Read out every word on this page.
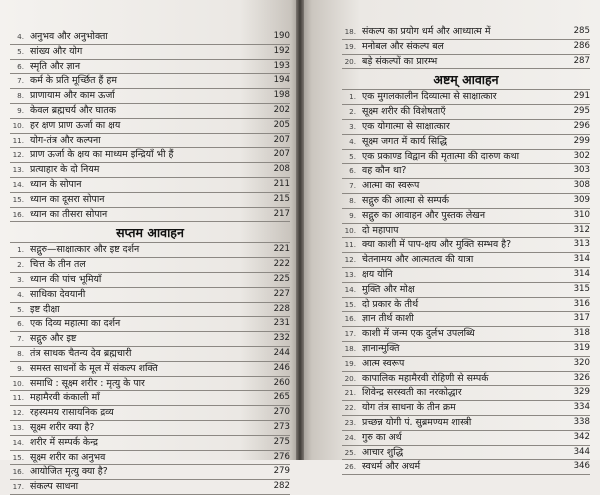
4. अनुभव और अनुभोक्ता	190
5. सांख्य और योग	192
6. स्मृति और ज्ञान	193
7. कर्म के प्रति मूर्च्छित हैं हम	194
8. प्राणायाम और काम ऊर्जा	198
9. केवल ब्रह्मचर्य और घातक	202
10. हर क्षण प्राण ऊर्जा का क्षय	205
11. योग-तंत्र और कल्पना	207
12. प्राण ऊर्जा के क्षय का माध्यम इन्द्रियाँ भी हैं	207
13. प्रत्याहार के दो नियम	208
14. ध्यान के सोपान	211
15. ध्यान का दूसरा सोपान	215
16. ध्यान का तीसरा सोपान	217
सप्तम आवाहन
1. सद्गुरु—साक्षात्कार और इष्ट दर्शन	221
2. चित्त के तीन तल	222
3. ध्यान की पांच भूमियाँ	225
4. साधिका देवयानी	227
5. इष्ट दीक्षा	228
6. एक दिव्य महात्मा का दर्शन	231
7. सद्गुरु और इष्ट	232
8. तंत्र साधक चैतन्य देव ब्रह्मचारी	244
9. समस्त साधनों के मूल में संकल्प शक्ति	246
10. समाधि : सूक्ष्म शरीर : मृत्यु के पार	260
11. महामैरवी कंकाली माँ	265
12. रहस्यमय रासायनिक द्रव्य	270
13. सूक्ष्म शरीर क्या है?	273
14. शरीर में सम्पर्क केन्द्र	275
15. सूक्ष्म शरीर का अनुभव	276
16. आयोजित मृत्यु क्या है?	279
17. संकल्प साधना	282
18. संकल्प का प्रयोग धर्म और आध्यात्म में	285
19. मनोबल और संकल्प बल	286
20. बड़े संकल्पों का प्रारम्भ	287
अष्टम् आवाहन
1. एक मुगलकालीन दिव्यात्मा से साक्षात्कार	291
2. सूक्ष्म शरीर की विशेषताएँ	295
3. एक योगात्मा से साक्षात्कार	296
4. सूक्ष्म जगत में कार्य सिद्धि	299
5. एक प्रकाण्ड विद्वान की मृतात्मा की दारुण कथा	302
6. वह कौन था?	303
7. आत्मा का स्वरूप	308
8. सद्गुरु की आत्मा से सम्पर्क	309
9. सद्गुरु का आवाहन और पुस्तक लेखन	310
10. दो महापाप	312
11. क्या काशी में पाप-क्षय और मुक्ति सम्भव है?	313
12. चेतनामय और आत्मतत्व की यात्रा	314
13. क्षय योनि	314
14. मुक्ति और मोक्ष	315
15. दो प्रकार के तीर्थ	316
16. ज्ञान तीर्थ काशी	317
17. काशी में जन्म एक दुर्लभ उपलब्धि	318
18. ज्ञानान्मुक्ति	319
19. आत्म स्वरूप	320
20. कापालिक महामैरवी रोहिणी से सम्पर्क	326
21. शिवेन्द्र सरस्वती का नरकोद्धार	329
22. योग तंत्र साधना के तीन क्रम	334
23. प्रच्छन्न योगी पं. सुब्रमण्यम शास्त्री	338
24. गुरु का अर्थ	342
25. आचार शुद्धि	344
26. स्वधर्म और अधर्म	346
